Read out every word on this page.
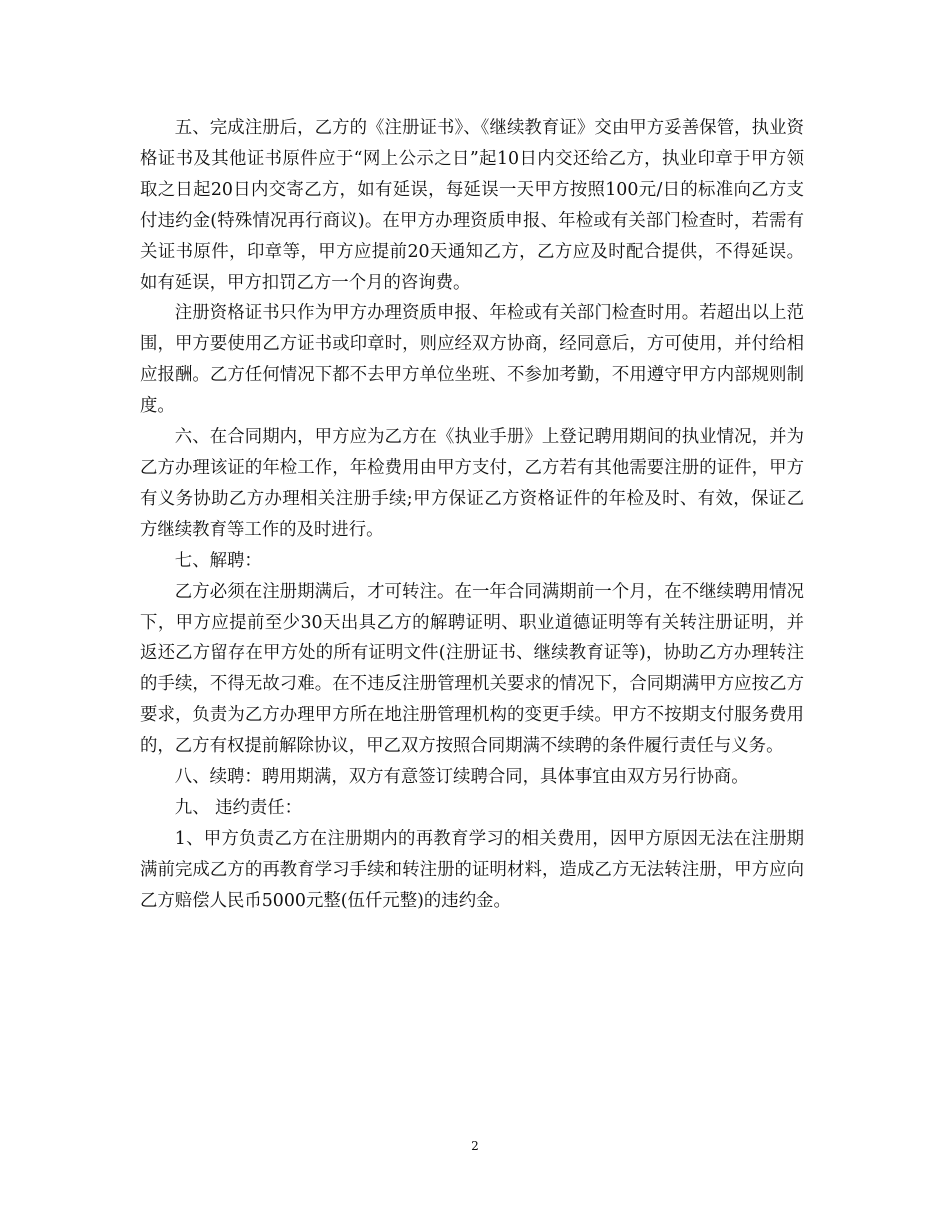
五、完成注册后，乙方的《注册证书》、《继续教育证》交由甲方妥善保管，执业资格证书及其他证书原件应于“网上公示之日”起10日内交还给乙方，执业印章于甲方领取之日起20日内交寄乙方，如有延误，每延误一天甲方按照100元/日的标准向乙方支付违约金(特殊情况再行商议)。在甲方办理资质申报、年检或有关部门检查时，若需有关证书原件，印章等，甲方应提前20天通知乙方，乙方应及时配合提供，不得延误。如有延误，甲方扣罚乙方一个月的咨询费。

注册资格证书只作为甲方办理资质申报、年检或有关部门检查时用。若超出以上范围，甲方要使用乙方证书或印章时，则应经双方协商，经同意后，方可使用，并付给相应报酬。乙方任何情况下都不去甲方单位坐班、不参加考勤，不用遵守甲方内部规则制度。

六、在合同期内，甲方应为乙方在《执业手册》上登记聘用期间的执业情况，并为乙方办理该证的年检工作，年检费用由甲方支付，乙方若有其他需要注册的证件，甲方有义务协助乙方办理相关注册手续;甲方保证乙方资格证件的年检及时、有效，保证乙方继续教育等工作的及时进行。

七、解聘：

乙方必须在注册期满后，才可转注。在一年合同满期前一个月，在不继续聘用情况下，甲方应提前至少30天出具乙方的解聘证明、职业道德证明等有关转注册证明，并返还乙方留存在甲方处的所有证明文件(注册证书、继续教育证等)，协助乙方办理转注的手续，不得无故刁难。在不违反注册管理机关要求的情况下，合同期满甲方应按乙方要求，负责为乙方办理甲方所在地注册管理机构的变更手续。甲方不按期支付服务费用的，乙方有权提前解除协议，甲乙双方按照合同期满不续聘的条件履行责任与义务。

八、续聘：聘用期满，双方有意签订续聘合同，具体事宜由双方另行协商。

九、 违约责任：

1、甲方负责乙方在注册期内的再教育学习的相关费用，因甲方原因无法在注册期满前完成乙方的再教育学习手续和转注册的证明材料，造成乙方无法转注册，甲方应向乙方赔偿人民币5000元整(伍仟元整)的违约金。

2
